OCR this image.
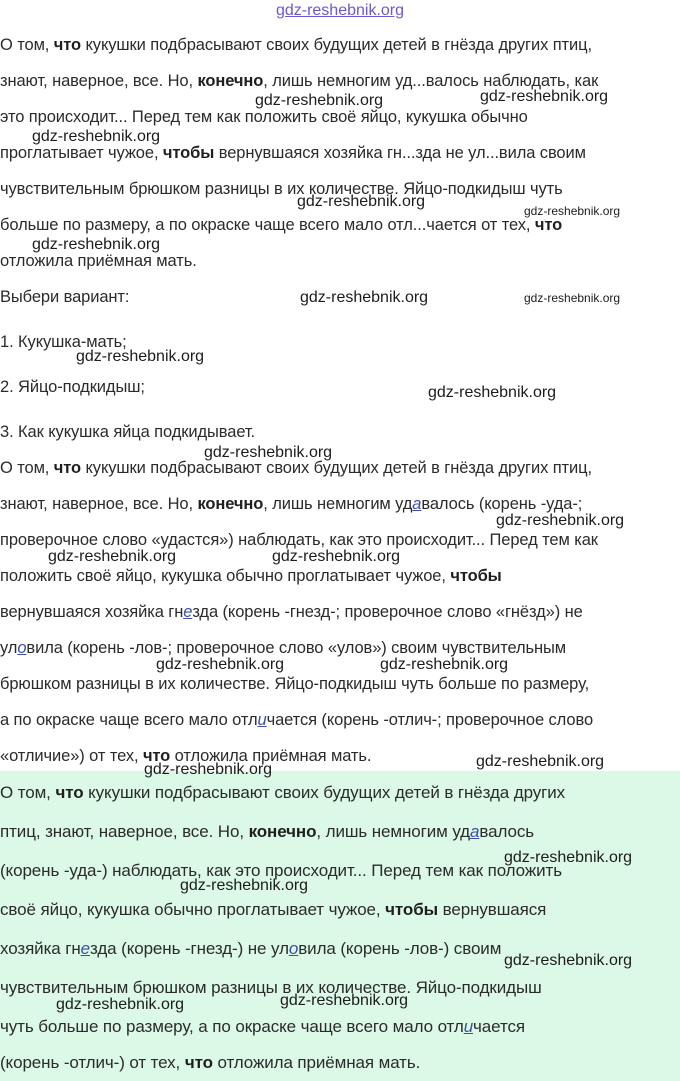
gdz-reshebnik.org
О том, что кукушки подбрасывают своих будущих детей в гнёзда других птиц,
знают, наверное, все. Но, конечно, лишь немногим уд...валось наблюдать, как
это происходит... Перед тем как положить своё яйцо, кукушка обычно
проглатывает чужое, чтобы вернувшаяся хозяйка гн...зда не ул...вила своим
чувствительным брюшком разницы в их количестве. Яйцо-подкидыш чуть
больше по размеру, а по окраске чаще всего мало отл...чается от тех, что
отложила приёмная мать.
Выбери вариант:
1. Кукушка-мать;
2. Яйцо-подкидыш;
3. Как кукушка яйца подкидывает.
О том, что кукушки подбрасывают своих будущих детей в гнёзда других птиц,
знают, наверное, все. Но, конечно, лишь немногим удавалось (корень -уда-;
проверочное слово «удастся») наблюдать, как это происходит... Перед тем как
положить своё яйцо, кукушка обычно проглатывает чужое, чтобы
вернувшаяся хозяйка гнезда (корень -гнезд-; проверочное слово «гнёзд») не
уловила (корень -лов-; проверочное слово «улов») своим чувствительным
брюшком разницы в их количестве. Яйцо-подкидыш чуть больше по размеру,
а по окраске чаще всего мало отличается (корень -отлич-; проверочное слово
«отличие») от тех, что отложила приёмная мать.
О том, что кукушки подбрасывают своих будущих детей в гнёзда других
птиц, знают, наверное, все. Но, конечно, лишь немногим удавалось
(корень -уда-) наблюдать, как это происходит... Перед тем как положить
своё яйцо, кукушка обычно проглатывает чужое, чтобы вернувшаяся
хозяйка гнезда (корень -гнезд-) не уловила (корень -лов-) своим
чувствительным брюшком разницы в их количестве. Яйцо-подкидыш
чуть больше по размеру, а по окраске чаще всего мало отличается
(корень -отлич-) от тех, что отложила приёмная мать.
gdz-reshebnik.org	gdz-reshebnik.org
gdz-reshebnik.org
gdz-reshebnik.org
gdz-reshebnik.org
gdz-reshebnik.org
gdz-reshebnik.org	gdz-reshebnik.org
gdz-reshebnik.org
gdz-reshebnik.org
gdz-reshebnik.org
gdz-reshebnik.org
gdz-reshebnik.org	gdz-reshebnik.org
gdz-reshebnik.org	gdz-reshebnik.org
gdz-reshebnik.org
gdz-reshebnik.org
gdz-reshebnik.org
gdz-reshebnik.org
gdz-reshebnik.org
gdz-reshebnik.org	gdz-reshebnik.org
